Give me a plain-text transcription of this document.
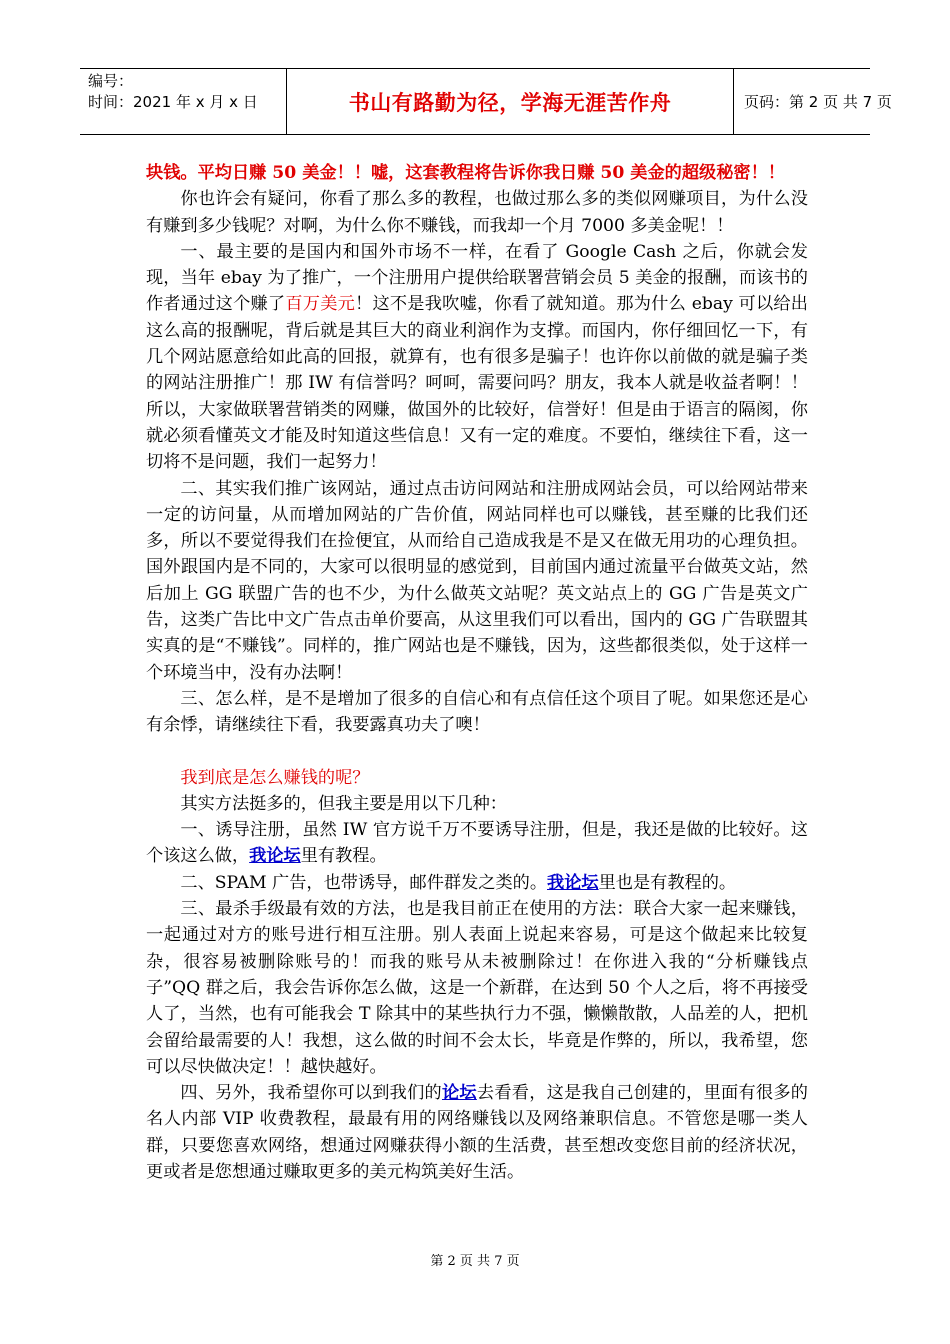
编号：
时间：2021 年 x 月 x 日	书山有路勤为径，学海无涯苦作舟	页码：第 2 页 共 7 页

块钱。平均日赚 50 美金！！嘘，这套教程将告诉你我日赚 50 美金的超级秘密！！

你也许会有疑问，你看了那么多的教程，也做过那么多的类似网赚项目，为什么没有赚到多少钱呢？对啊，为什么你不赚钱，而我却一个月 7000 多美金呢！！

一、最主要的是国内和国外市场不一样，在看了 Google Cash 之后，你就会发现，当年 ebay 为了推广，一个注册用户提供给联署营销会员 5 美金的报酬，而该书的作者通过这个赚了百万美元！这不是我吹嘘，你看了就知道。那为什么 ebay 可以给出这么高的报酬呢，背后就是其巨大的商业利润作为支撑。而国内，你仔细回忆一下，有几个网站愿意给如此高的回报，就算有，也有很多是骗子！也许你以前做的就是骗子类的网站注册推广！那 IW 有信誉吗？呵呵，需要问吗？朋友，我本人就是收益者啊！！所以，大家做联署营销类的网赚，做国外的比较好，信誉好！但是由于语言的隔阂，你就必须看懂英文才能及时知道这些信息！又有一定的难度。不要怕，继续往下看，这一切将不是问题，我们一起努力！

二、其实我们推广该网站，通过点击访问网站和注册成网站会员，可以给网站带来一定的访问量，从而增加网站的广告价值，网站同样也可以赚钱，甚至赚的比我们还多，所以不要觉得我们在捡便宜，从而给自己造成我是不是又在做无用功的心理负担。国外跟国内是不同的，大家可以很明显的感觉到，目前国内通过流量平台做英文站，然后加上 GG 联盟广告的也不少，为什么做英文站呢？英文站点上的 GG 广告是英文广告，这类广告比中文广告点击单价要高，从这里我们可以看出，国内的 GG 广告联盟其实真的是“不赚钱”。同样的，推广网站也是不赚钱，因为，这些都很类似，处于这样一个环境当中，没有办法啊！

三、怎么样，是不是增加了很多的自信心和有点信任这个项目了呢。如果您还是心有余悸，请继续往下看，我要露真功夫了噢！

我到底是怎么赚钱的呢？

其实方法挺多的，但我主要是用以下几种：

一、诱导注册，虽然 IW 官方说千万不要诱导注册，但是，我还是做的比较好。这个该这么做，我论坛里有教程。

二、SPAM 广告，也带诱导，邮件群发之类的。我论坛里也是有教程的。

三、最杀手级最有效的方法，也是我目前正在使用的方法：联合大家一起来赚钱，一起通过对方的账号进行相互注册。别人表面上说起来容易，可是这个做起来比较复杂，很容易被删除账号的！而我的账号从未被删除过！在你进入我的“分析赚钱点子”QQ 群之后，我会告诉你怎么做，这是一个新群，在达到 50 个人之后，将不再接受人了，当然，也有可能我会 T 除其中的某些执行力不强，懒懒散散，人品差的人，把机会留给最需要的人！我想，这么做的时间不会太长，毕竟是作弊的，所以，我希望，您可以尽快做决定！！越快越好。

四、另外，我希望你可以到我们的论坛去看看，这是我自己创建的，里面有很多的名人内部 VIP 收费教程，最最有用的网络赚钱以及网络兼职信息。不管您是哪一类人群，只要您喜欢网络，想通过网赚获得小额的生活费，甚至想改变您目前的经济状况，更或者是您想通过赚取更多的美元构筑美好生活。

第 2 页 共 7 页
